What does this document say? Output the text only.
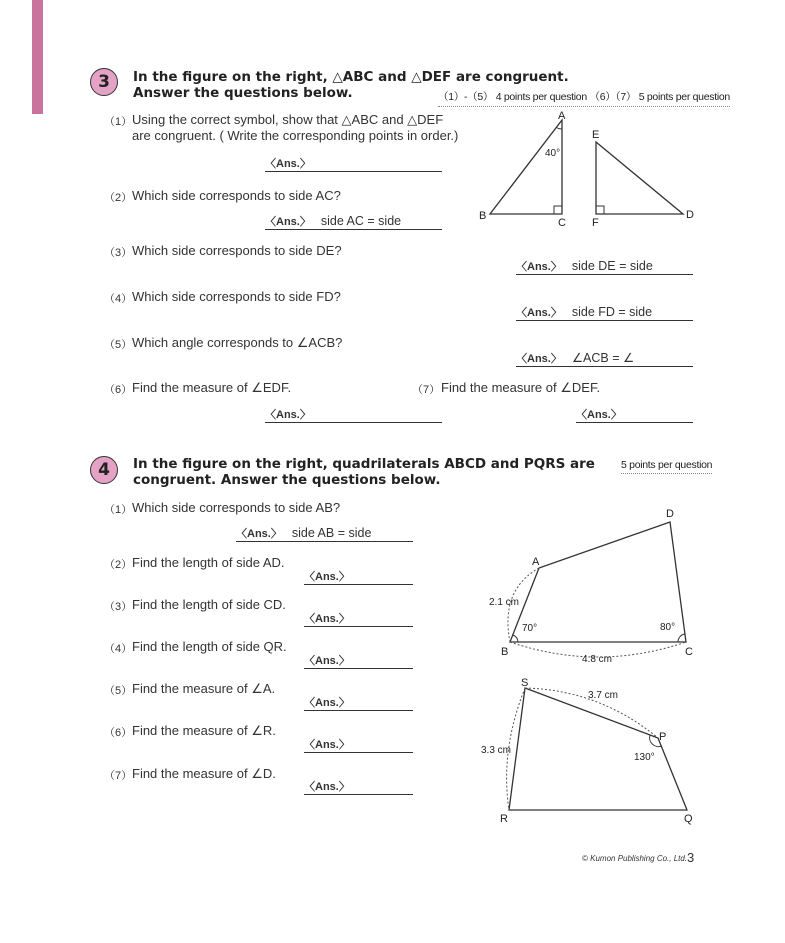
3	In the figure on the right, △ABC and △DEF are congruent.
Answer the questions below.	（1）-（5） 4 points per question （6）（7） 5 points per question
（1） Using the correct symbol, show that △ABC and △DEF
are congruent. ( Write the corresponding points in order.)
〈Ans.〉
（2） Which side corresponds to side AC?
〈Ans.〉 side AC = side
（3） Which side corresponds to side DE?
〈Ans.〉 side DE = side
（4） Which side corresponds to side FD?
〈Ans.〉 side FD = side
（5） Which angle corresponds to ∠ACB?
〈Ans.〉 ∠ACB = ∠
（6） Find the measure of ∠EDF.	（7） Find the measure of ∠DEF.
〈Ans.〉	〈Ans.〉
A
B
C
E
F
D
40°
4	In the figure on the right, quadrilaterals ABCD and PQRS are
congruent. Answer the questions below.
5 points per question
（1） Which side corresponds to side AB?
〈Ans.〉 side AB = side
（2） Find the length of side AD.
〈Ans.〉
（3） Find the length of side CD.
〈Ans.〉
（4） Find the length of side QR.
〈Ans.〉
（5） Find the measure of ∠A.
〈Ans.〉
（6） Find the measure of ∠R.
〈Ans.〉
（7） Find the measure of ∠D.
〈Ans.〉
A
B	C
D
2.1 cm
4.8 cm
70°	80°
S
P
Q
R
3.7 cm
3.3 cm
130°
© Kumon Publishing Co., Ltd. 3
